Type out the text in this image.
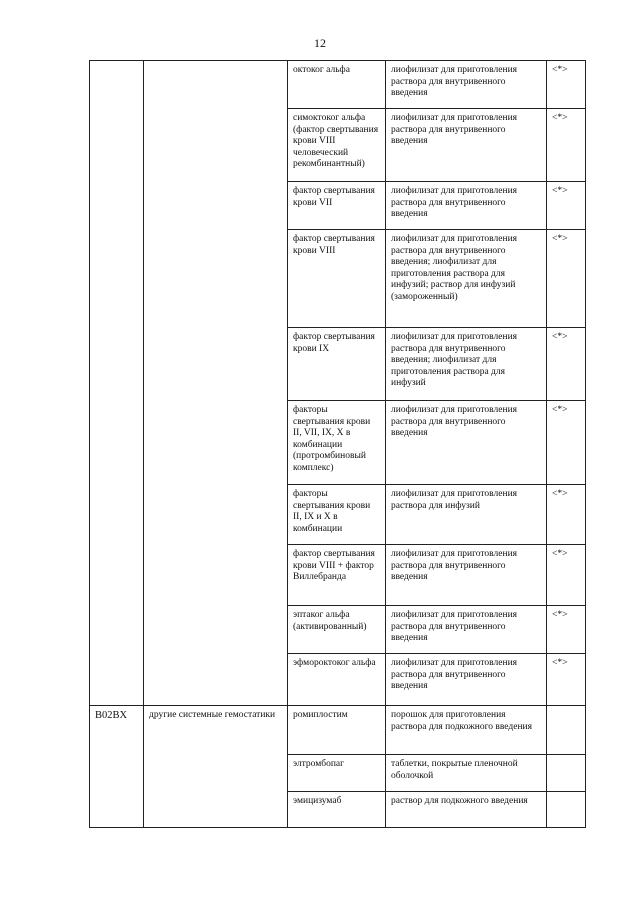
12
		октоког альфа	лиофилизат для приготовления раствора для внутривенного введения	<*>
		симоктоког альфа (фактор свертывания крови VIII человеческий рекомбинантный)	лиофилизат для приготовления раствора для внутривенного введения	<*>
		фактор свертывания крови VII	лиофилизат для приготовления раствора для внутривенного введения	<*>
		фактор свертывания крови VIII	лиофилизат для приготовления раствора для внутривенного введения; лиофилизат для приготовления раствора для инфузий; раствор для инфузий (замороженный)	<*>
		фактор свертывания крови IX	лиофилизат для приготовления раствора для внутривенного введения; лиофилизат для приготовления раствора для инфузий	<*>
		факторы свертывания крови II, VII, IX, X в комбинации (протромбиновый комплекс)	лиофилизат для приготовления раствора для внутривенного введения	<*>
		факторы свертывания крови II, IX и X в комбинации	лиофилизат для приготовления раствора для инфузий	<*>
		фактор свертывания крови VIII + фактор Виллебранда	лиофилизат для приготовления раствора для внутривенного введения	<*>
		эптаког альфа (активированный)	лиофилизат для приготовления раствора для внутривенного введения	<*>
		эфмороктоког альфа	лиофилизат для приготовления раствора для внутривенного введения	<*>
B02BX	другие системные гемостатики	ромиплостим	порошок для приготовления раствора для подкожного введения	
		элтромбопаг	таблетки, покрытые пленочной оболочкой	
		эмицизумаб	раствор для подкожного введения	
